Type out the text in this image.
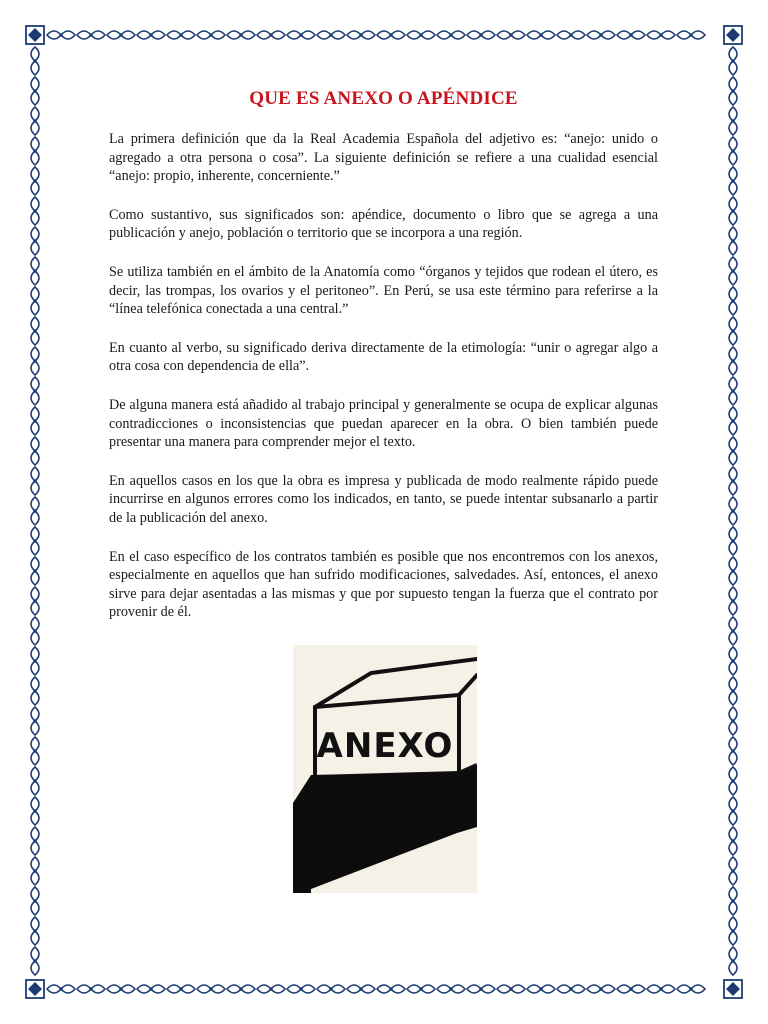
QUE ES ANEXO O APÉNDICE

La primera definición que da la Real Academia Española del adjetivo es: “anejo: unido o agregado a otra persona o cosa”. La siguiente definición se refiere a una cualidad esencial “anejo: propio, inherente, concerniente.”

Como sustantivo, sus significados son: apéndice, documento o libro que se agrega a una publicación y anejo, población o territorio que se incorpora a una región.

Se utiliza también en el ámbito de la Anatomía como “órganos y tejidos que rodean el útero, es decir, las trompas, los ovarios y el peritoneo”. En Perú, se usa este término para referirse a la “línea telefónica conectada a una central.”

En cuanto al verbo, su significado deriva directamente de la etimología: “unir o agregar algo a otra cosa con dependencia de ella”.

De alguna manera está añadido al trabajo principal y generalmente se ocupa de explicar algunas contradicciones o inconsistencias que puedan aparecer en la obra. O bien también puede presentar una manera para comprender mejor el texto.

En aquellos casos en los que la obra es impresa y publicada de modo realmente rápido puede incurrirse en algunos errores como los indicados, en tanto, se puede intentar subsanarlo a partir de la publicación del anexo.

En el caso específico de los contratos también es posible que nos encontremos con los anexos, especialmente en aquellos que han sufrido modificaciones, salvedades. Así, entonces, el anexo sirve para dejar asentadas a las mismas y que por supuesto tengan la fuerza que el contrato por provenir de él.

ANEXO
